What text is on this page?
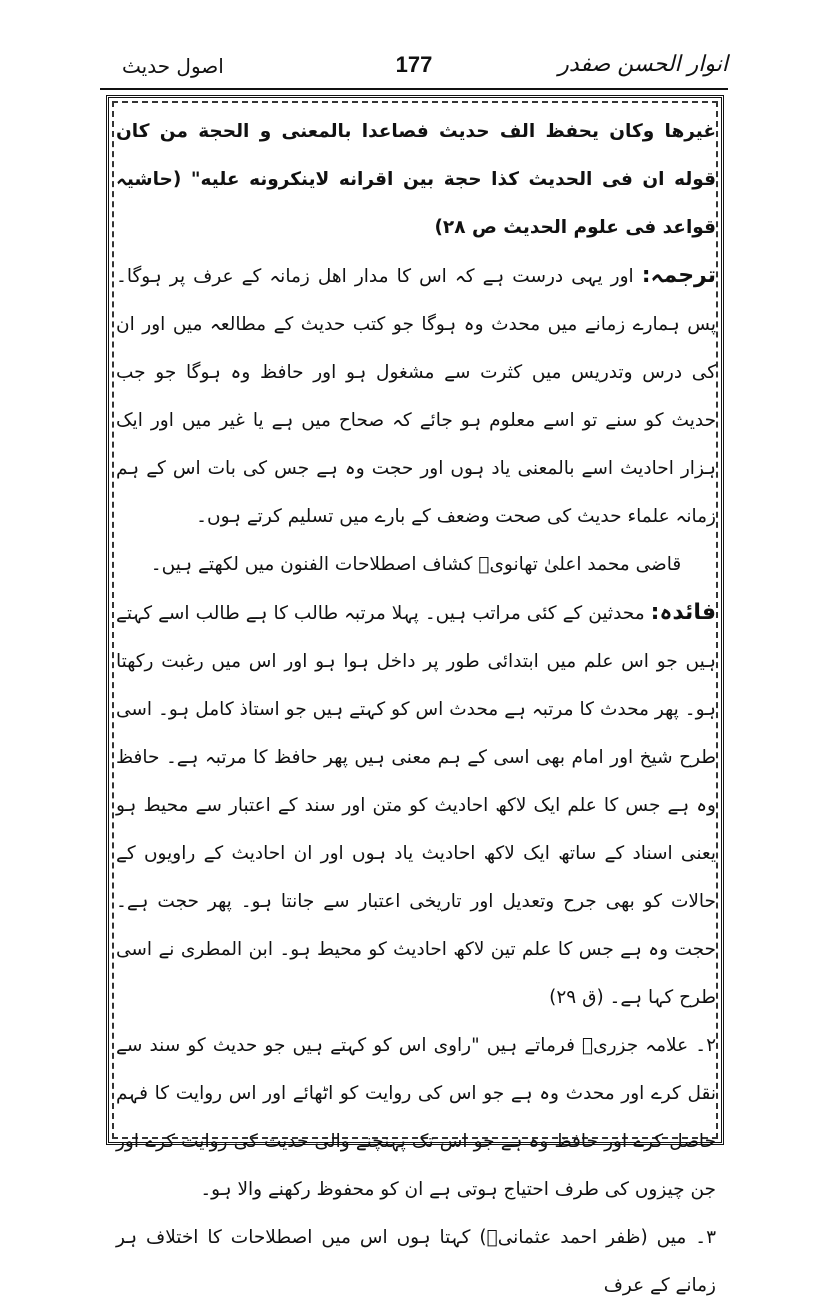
انوار الحسن صفدر
177
اصول حدیث

غیرھا وکان یحفظ الف حدیث فصاعدا بالمعنی و الحجة من کان قوله ان فی الحدیث کذا حجة بین اقرانه لاینکرونه علیه" (حاشیہ قواعد فی علوم الحدیث ص ۲۸)

ترجمہ: اور یہی درست ہے کہ اس کا مدار اهل زمانہ کے عرف پر ہوگا۔ پس ہمارے زمانے میں محدث وہ ہوگا جو کتب حدیث کے مطالعہ میں اور ان کی درس وتدریس میں کثرت سے مشغول ہو اور حافظ وہ ہوگا جو جب حدیث کو سنے تو اسے معلوم ہو جائے کہ صحاح میں ہے یا غیر میں اور ایک ہزار احادیث اسے بالمعنی یاد ہوں اور حجت وہ ہے جس کی بات اس کے ہم زمانہ علماء حدیث کی صحت وضعف کے بارے میں تسلیم کرتے ہوں۔

قاضی محمد اعلیٰ تھانویؒ کشاف اصطلاحات الفنون میں لکھتے ہیں۔

فائدہ: محدثین کے کئی مراتب ہیں۔ پہلا مرتبہ طالب کا ہے طالب اسے کہتے ہیں جو اس علم میں ابتدائی طور پر داخل ہوا ہو اور اس میں رغبت رکھتا ہو۔ پھر محدث کا مرتبہ ہے محدث اس کو کہتے ہیں جو استاذ کامل ہو۔ اسی طرح شیخ اور امام بھی اسی کے ہم معنی ہیں پھر حافظ کا مرتبہ ہے۔ حافظ وہ ہے جس کا علم ایک لاکھ احادیث کو متن اور سند کے اعتبار سے محیط ہو یعنی اسناد کے ساتھ ایک لاکھ احادیث یاد ہوں اور ان احادیث کے راویوں کے حالات کو بھی جرح وتعدیل اور تاریخی اعتبار سے جانتا ہو۔ پھر حجت ہے۔ حجت وہ ہے جس کا علم تین لاکھ احادیث کو محیط ہو۔ ابن المطری نے اسی طرح کہا ہے۔ (ق ۲۹)

۲۔ علامہ جزریؒ فرماتے ہیں "راوی اس کو کہتے ہیں جو حدیث کو سند سے نقل کرے اور محدث وہ ہے جو اس کی روایت کو اٹھائے اور اس روایت کا فہم حاصل کرے اور حافظ وہ ہے جو اس تک پہنچنے والی حدیث کی روایت کرے اور جن چیزوں کی طرف احتیاج ہوتی ہے ان کو محفوظ رکھنے والا ہو۔

۳۔ میں (ظفر احمد عثمانیؒ) کہتا ہوں اس میں اصطلاحات کا اختلاف ہر زمانے کے عرف
